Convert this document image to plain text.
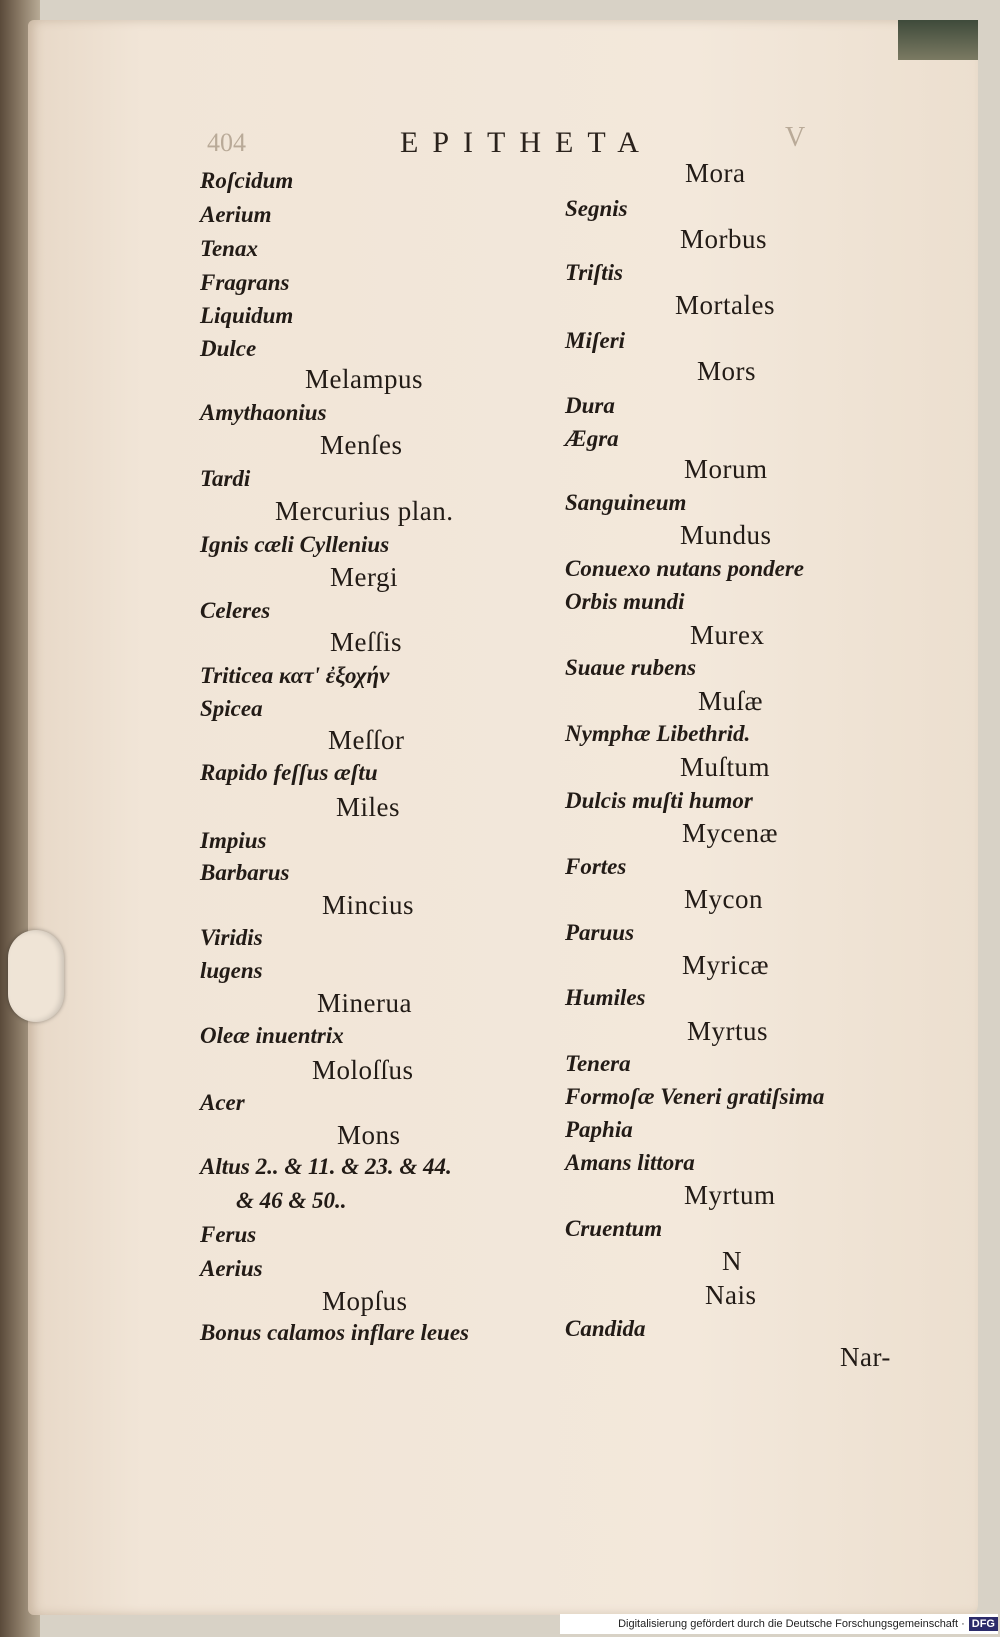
404	EPITHETA	V
Roſcidum
Aerium
Tenax
Fragrans
Liquidum
Dulce
Melampus
Amythaonius
Menſes
Tardi
Mercurius plan.
Ignis cæli Cyllenius
Mergi
Celeres
Meſſis
Triticea κατ' ἐξοχήν
Spicea
Meſſor
Rapido feſſus æſtu
Miles
Impius
Barbarus
Mincius
Viridis
lugens
Minerua
Oleæ inuentrix
Moloſſus
Acer
Mons
Altus 2.. & 11. & 23. & 44.
& 46 & 50..
Ferus
Aerius
Mopſus
Bonus calamos inflare leues
Mora
Segnis
Morbus
Triſtis
Mortales
Miſeri
Mors
Dura
Ægra
Morum
Sanguineum
Mundus
Conuexo nutans pondere
Orbis mundi
Murex
Suaue rubens
Muſæ
Nymphæ Libethrid.
Muſtum
Dulcis muſti humor
Mycenæ
Fortes
Mycon
Paruus
Myricæ
Humiles
Myrtus
Tenera
Formoſæ Veneri gratiſsima
Paphia
Amans littora
Myrtum
Cruentum
N
Nais
Candida
Nar-
Digitalisierung gefördert durch die Deutsche Forschungsgemeinschaft · DFG
